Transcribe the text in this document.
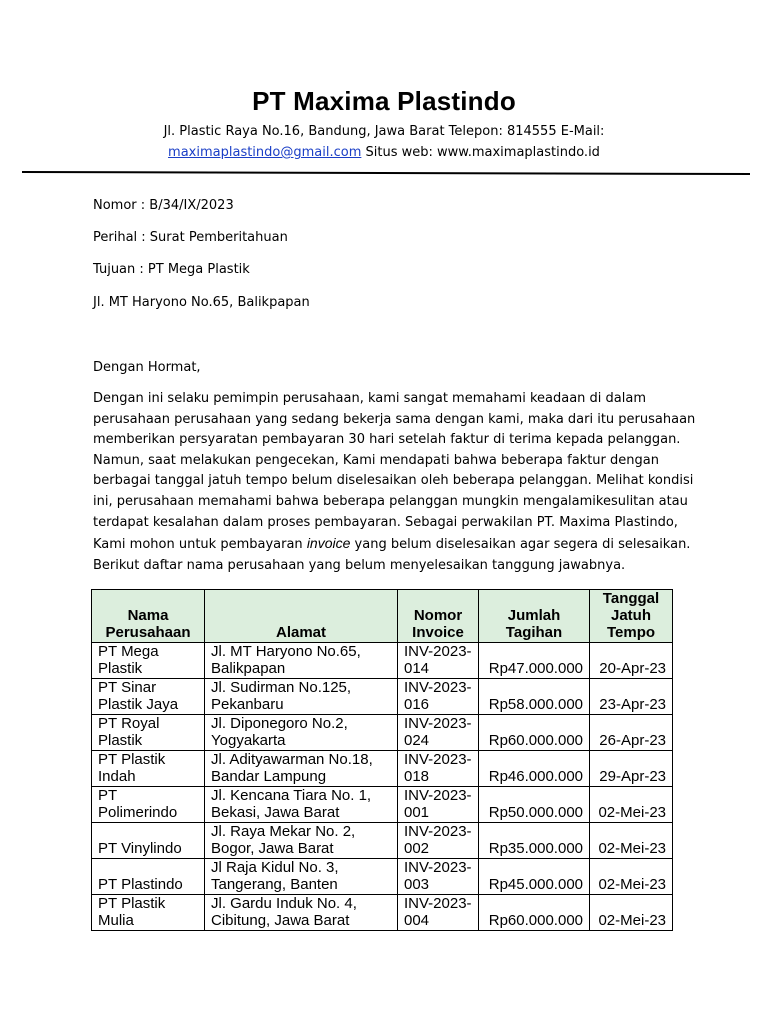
PT Maxima Plastindo
Jl. Plastic Raya No.16, Bandung, Jawa Barat Telepon: 814555 E-Mail:
maximaplastindo@gmail.com Situs web: www.maximaplastindo.id
Nomor : B/34/IX/2023
Perihal : Surat Pemberitahuan
Tujuan : PT Mega Plastik
Jl. MT Haryono No.65, Balikpapan
Dengan Hormat,
Dengan ini selaku pemimpin perusahaan, kami sangat memahami keadaan di dalam
perusahaan perusahaan yang sedang bekerja sama dengan kami, maka dari itu perusahaan
memberikan persyaratan pembayaran 30 hari setelah faktur di terima kepada pelanggan.
Namun, saat melakukan pengecekan, Kami mendapati bahwa beberapa faktur dengan
berbagai tanggal jatuh tempo belum diselesaikan oleh beberapa pelanggan. Melihat kondisi
ini, perusahaan memahami bahwa beberapa pelanggan mungkin mengalamikesulitan atau
terdapat kesalahan dalam proses pembayaran. Sebagai perwakilan PT. Maxima Plastindo,
Kami mohon untuk pembayaran invoice yang belum diselesaikan agar segera di selesaikan.
Berikut daftar nama perusahaan yang belum menyelesaikan tanggung jawabnya.
Nama Perusahaan	Alamat	Nomor Invoice	Jumlah Tagihan	Tanggal Jatuh Tempo
PT Mega Plastik	Jl. MT Haryono No.65, Balikpapan	INV-2023-014	Rp47.000.000	20-Apr-23
PT Sinar Plastik Jaya	Jl. Sudirman No.125, Pekanbaru	INV-2023-016	Rp58.000.000	23-Apr-23
PT Royal Plastik	Jl. Diponegoro No.2, Yogyakarta	INV-2023-024	Rp60.000.000	26-Apr-23
PT Plastik Indah	Jl. Adityawarman No.18, Bandar Lampung	INV-2023-018	Rp46.000.000	29-Apr-23
PT Polimerindo	Jl. Kencana Tiara No. 1, Bekasi, Jawa Barat	INV-2023-001	Rp50.000.000	02-Mei-23
PT Vinylindo	Jl. Raya Mekar No. 2, Bogor, Jawa Barat	INV-2023-002	Rp35.000.000	02-Mei-23
PT Plastindo	Jl Raja Kidul No. 3, Tangerang, Banten	INV-2023-003	Rp45.000.000	02-Mei-23
PT Plastik Mulia	Jl. Gardu Induk No. 4, Cibitung, Jawa Barat	INV-2023-004	Rp60.000.000	02-Mei-23
